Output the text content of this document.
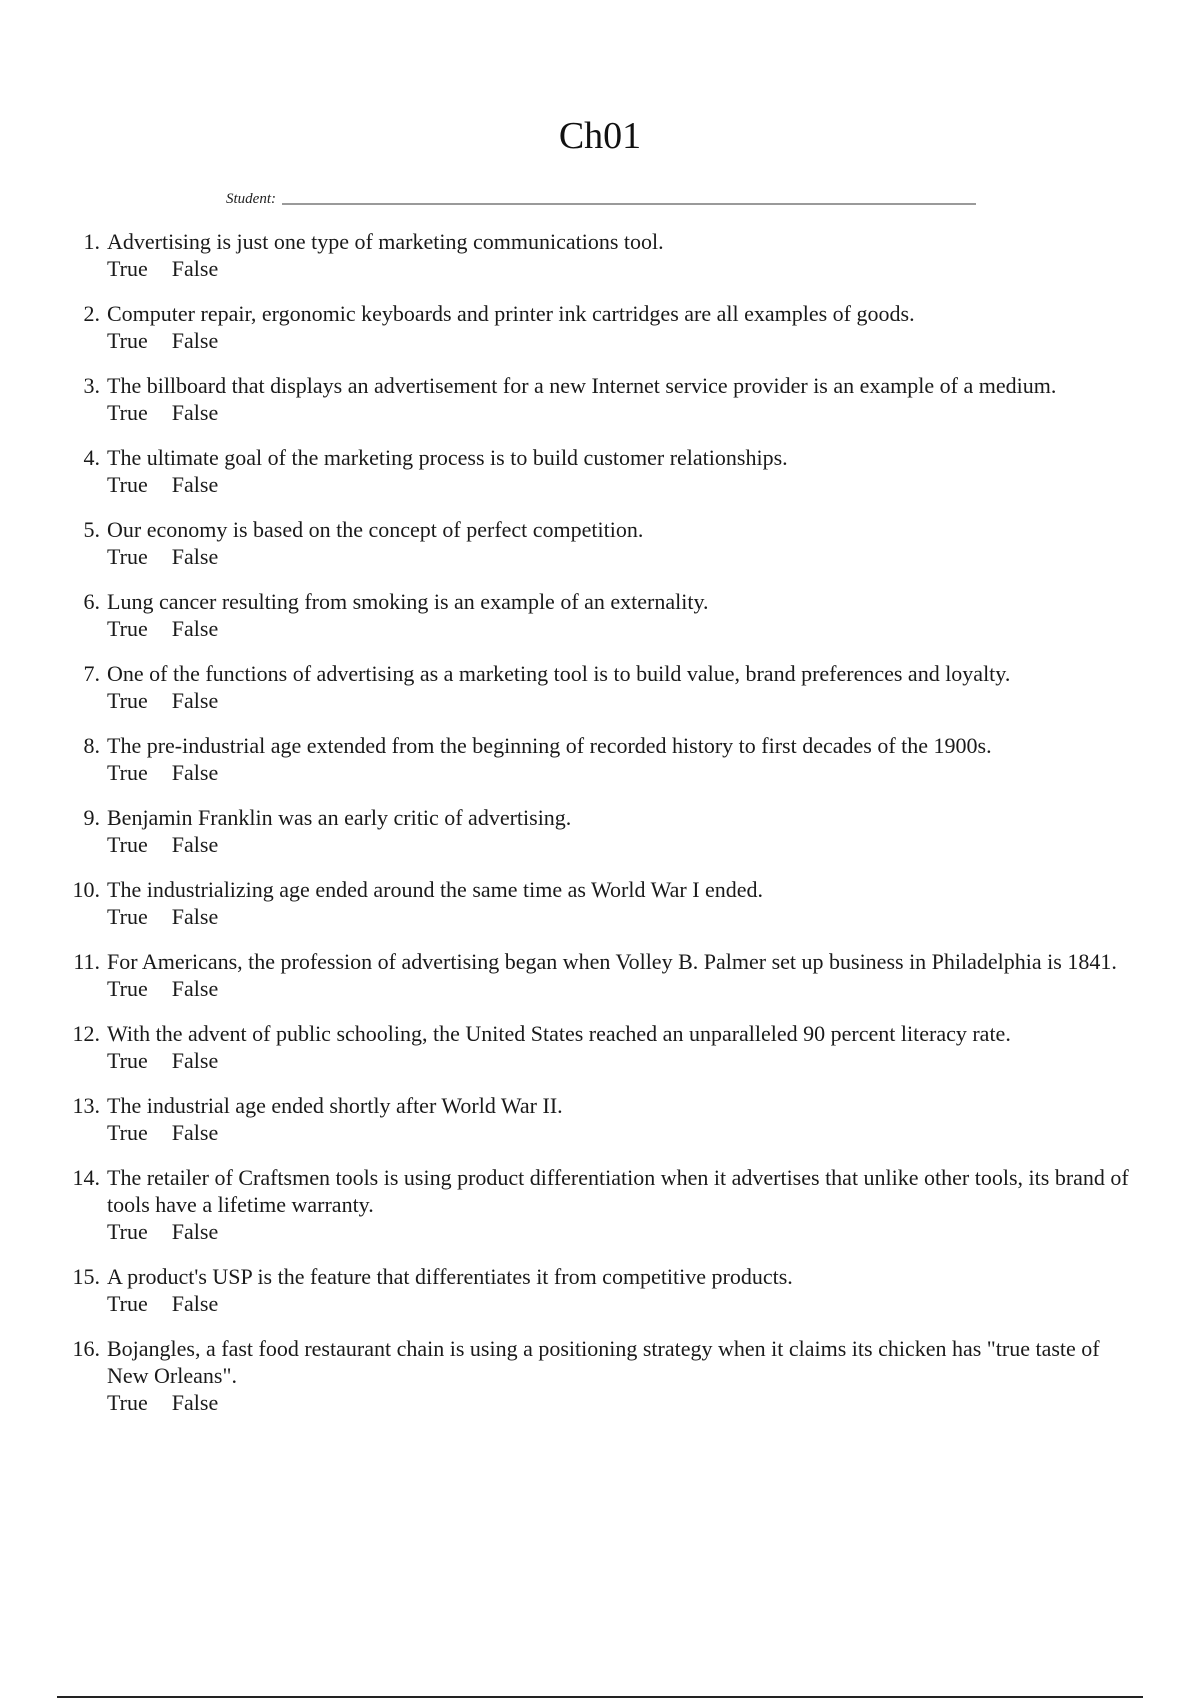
Ch01
Student:
1. Advertising is just one type of marketing communications tool.
True False
2. Computer repair, ergonomic keyboards and printer ink cartridges are all examples of goods.
True False
3. The billboard that displays an advertisement for a new Internet service provider is an example of a medium.
True False
4. The ultimate goal of the marketing process is to build customer relationships.
True False
5. Our economy is based on the concept of perfect competition.
True False
6. Lung cancer resulting from smoking is an example of an externality.
True False
7. One of the functions of advertising as a marketing tool is to build value, brand preferences and loyalty.
True False
8. The pre-industrial age extended from the beginning of recorded history to first decades of the 1900s.
True False
9. Benjamin Franklin was an early critic of advertising.
True False
10. The industrializing age ended around the same time as World War I ended.
True False
11. For Americans, the profession of advertising began when Volley B. Palmer set up business in Philadelphia is 1841.
True False
12. With the advent of public schooling, the United States reached an unparalleled 90 percent literacy rate.
True False
13. The industrial age ended shortly after World War II.
True False
14. The retailer of Craftsmen tools is using product differentiation when it advertises that unlike other tools, its brand of tools have a lifetime warranty.
True False
15. A product's USP is the feature that differentiates it from competitive products.
True False
16. Bojangles, a fast food restaurant chain is using a positioning strategy when it claims its chicken has "true taste of New Orleans".
True False
